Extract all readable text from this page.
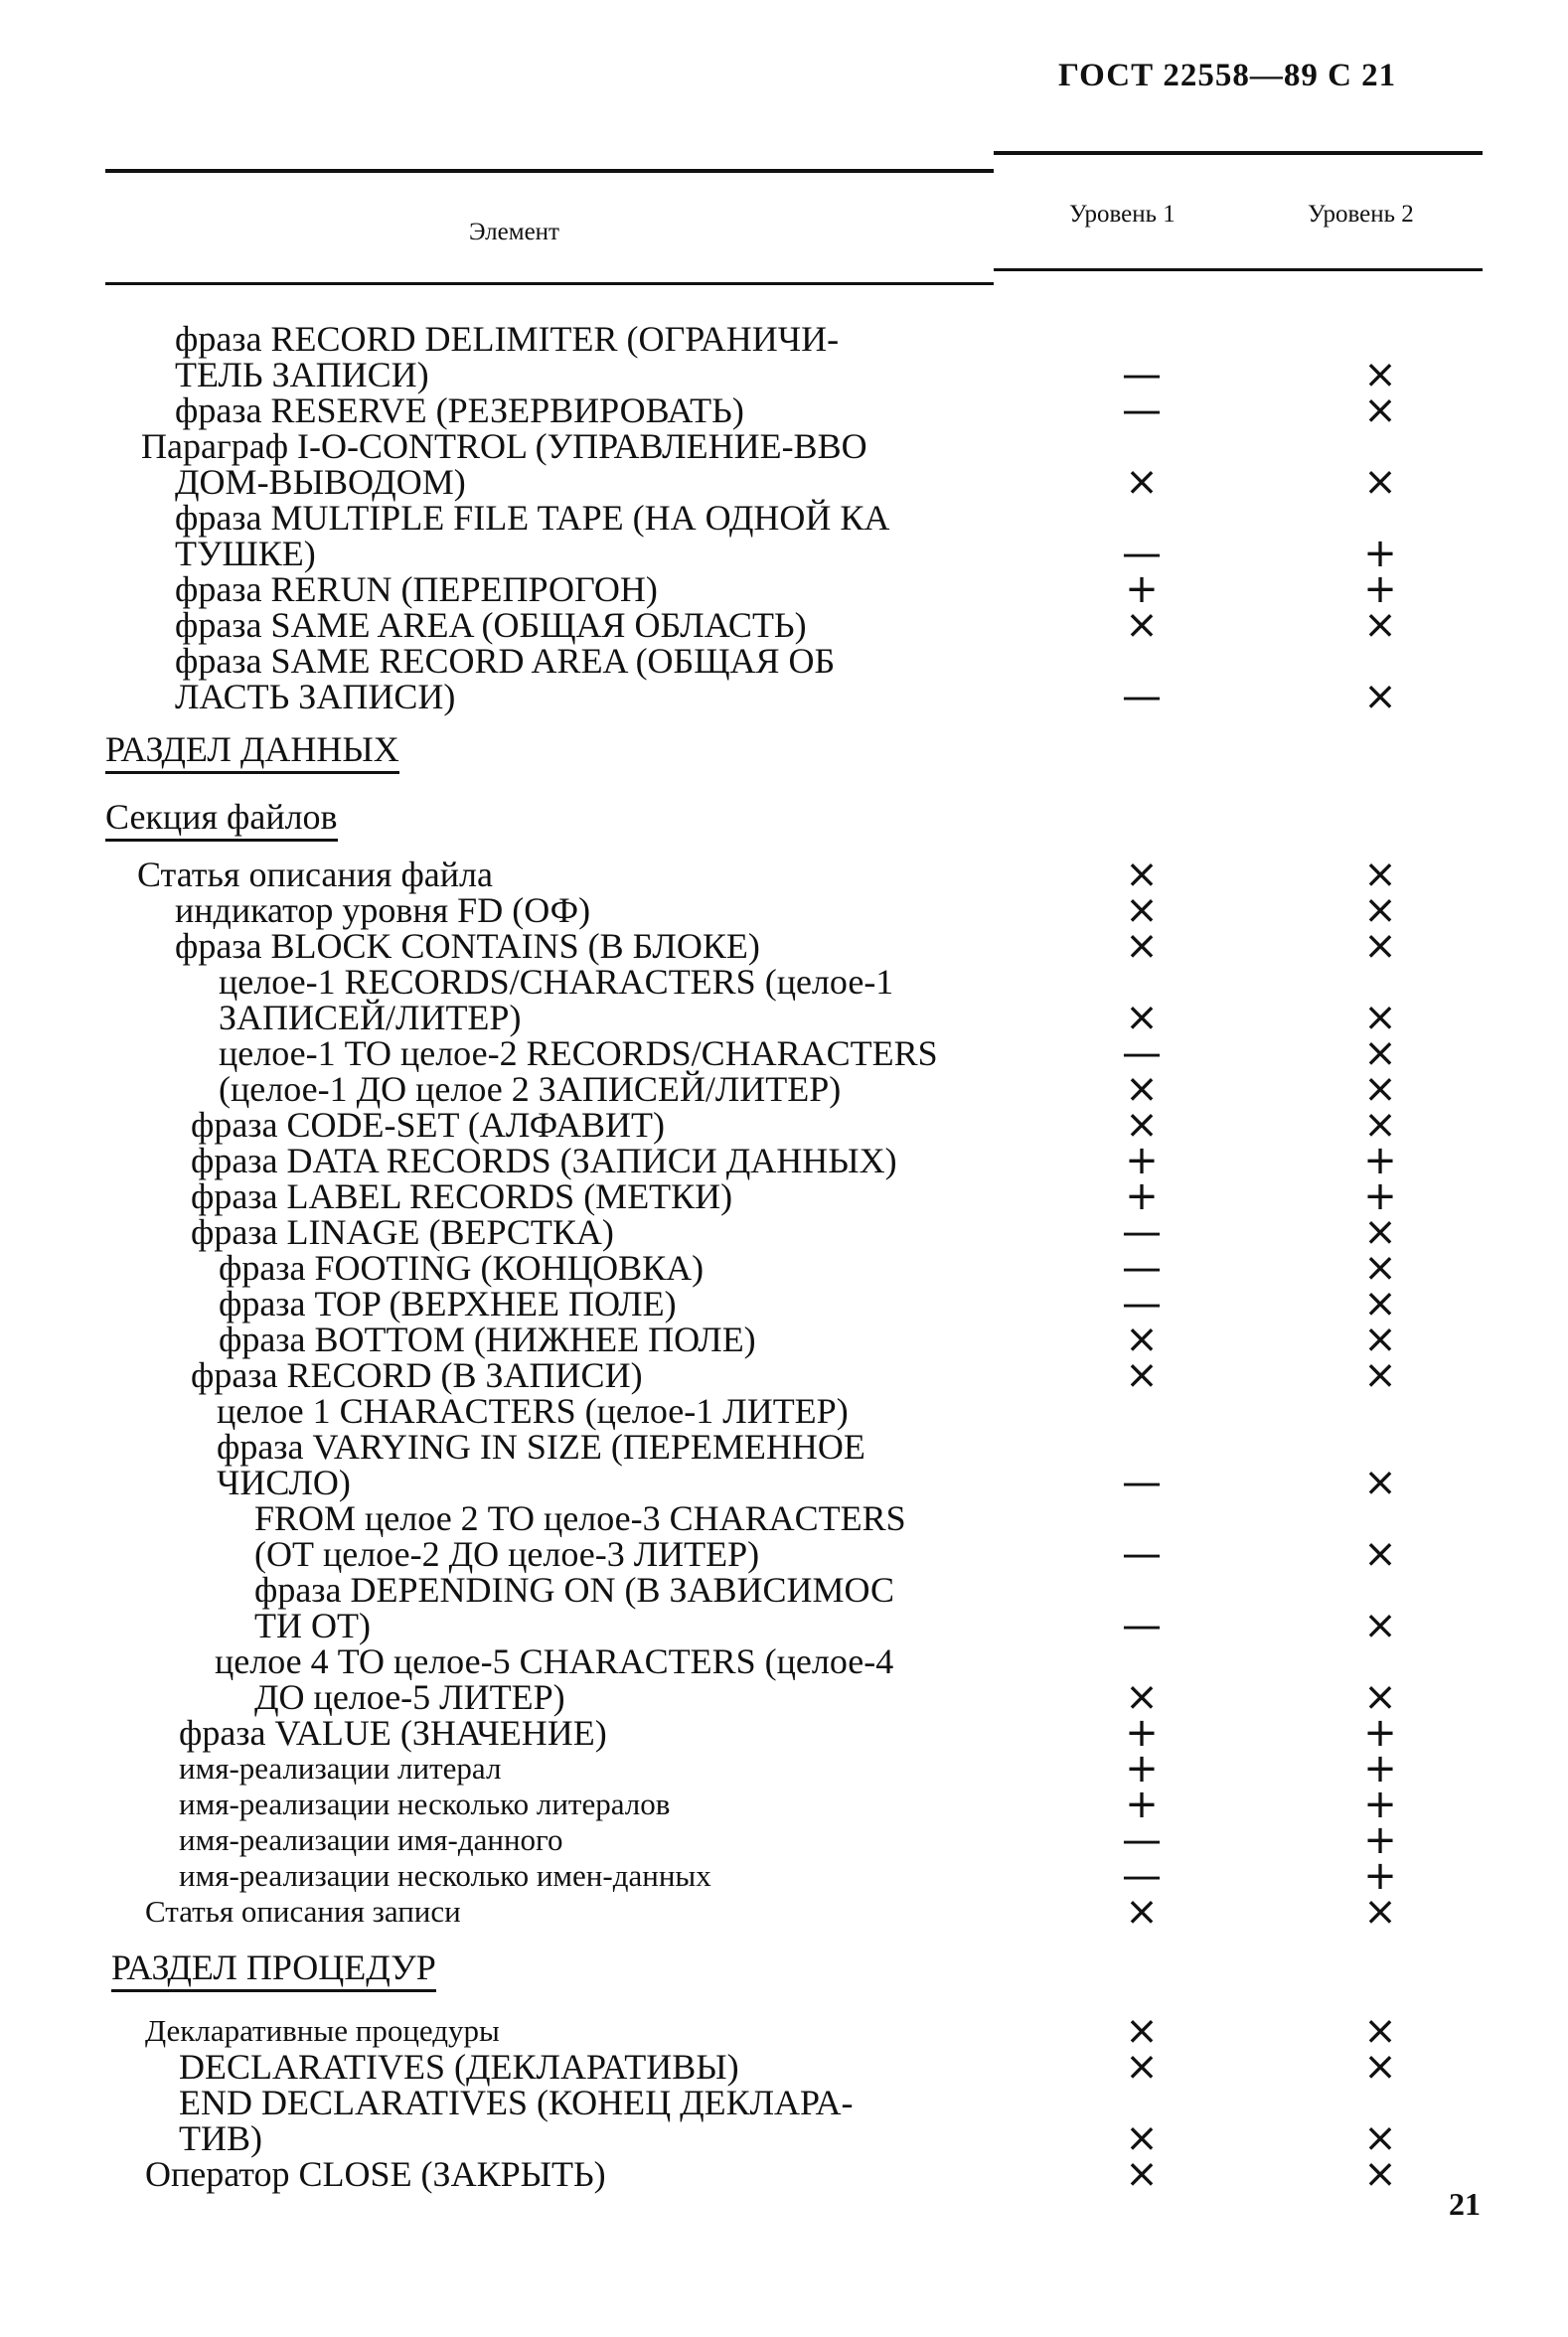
ГОСТ 22558—89 С 21
Элемент
Уровень 1	Уровень 2
фраза RECORD DELIMITER (ОГРАНИЧИ-
ТЕЛЬ ЗАПИСИ)	—	×
фраза RESERVE (РЕЗЕРВИРОВАТЬ)	—	×
Параграф I-O-CONTROL (УПРАВЛЕНИЕ-ВВО
ДОМ-ВЫВОДОМ)	×	×
фраза MULTIPLE FILE TAPE (НА ОДНОЙ КА
ТУШКЕ)	—	+
фраза RERUN (ПЕРЕПРОГОН)	+	+
фраза SAME AREA (ОБЩАЯ ОБЛАСТЬ)	×	×
фраза SAME RECORD AREA (ОБЩАЯ ОБ
ЛАСТЬ ЗАПИСИ)	—	×
РАЗДЕЛ ДАННЫХ
Секция файлов
Статья описания файла	×	×
индикатор уровня FD (ОФ)	×	×
фраза BLOCK CONTAINS (В БЛОКЕ)	×	×
целое-1 RECORDS/CHARACTERS (целое-1
ЗАПИСЕЙ/ЛИТЕР)	×	×
целое-1 TO целое-2 RECORDS/CHARACTERS	—	×
(целое-1 ДО целое 2 ЗАПИСЕЙ/ЛИТЕР)	×	×
фраза CODE-SET (АЛФАВИТ)	×	×
фраза DATA RECORDS (ЗАПИСИ ДАННЫХ)	+	+
фраза LABEL RECORDS (МЕТКИ)	+	+
фраза LINAGE (ВЕРСТКА)	—	×
фраза FOOTING (КОНЦОВКА)	—	×
фраза TOP (ВЕРХНЕЕ ПОЛЕ)	—	×
фраза BOTTOM (НИЖНЕЕ ПОЛЕ)	×	×
фраза RECORD (В ЗАПИСИ)	×	×
целое 1 CHARACTERS (целое-1 ЛИТЕР)
фраза VARYING IN SIZE (ПЕРЕМЕННОЕ
ЧИСЛО)	—	×
FROM целое 2 TO целое-3 CHARACTERS
(ОТ целое-2 ДО целое-3 ЛИТЕР)	—	×
фраза DEPENDING ON (В ЗАВИСИМОС
ТИ ОТ)	—	×
целое 4 TO целое-5 CHARACTERS (целое-4
ДО целое-5 ЛИТЕР)	×	×
фраза VALUE (ЗНАЧЕНИЕ)	+	+
имя-реализации литерал	+	+
имя-реализации несколько литералов	+	+
имя-реализации имя-данного	—	+
имя-реализации несколько имен-данных	—	+
Статья описания записи	×	×
РАЗДЕЛ ПРОЦЕДУР
Декларативные процедуры	×	×
DECLARATIVES (ДЕКЛАРАТИВЫ)	×	×
END DECLARATIVES (КОНЕЦ ДЕКЛАРА-
ТИВ)	×	×
Оператор CLOSE (ЗАКРЫТЬ)	×	×
21
